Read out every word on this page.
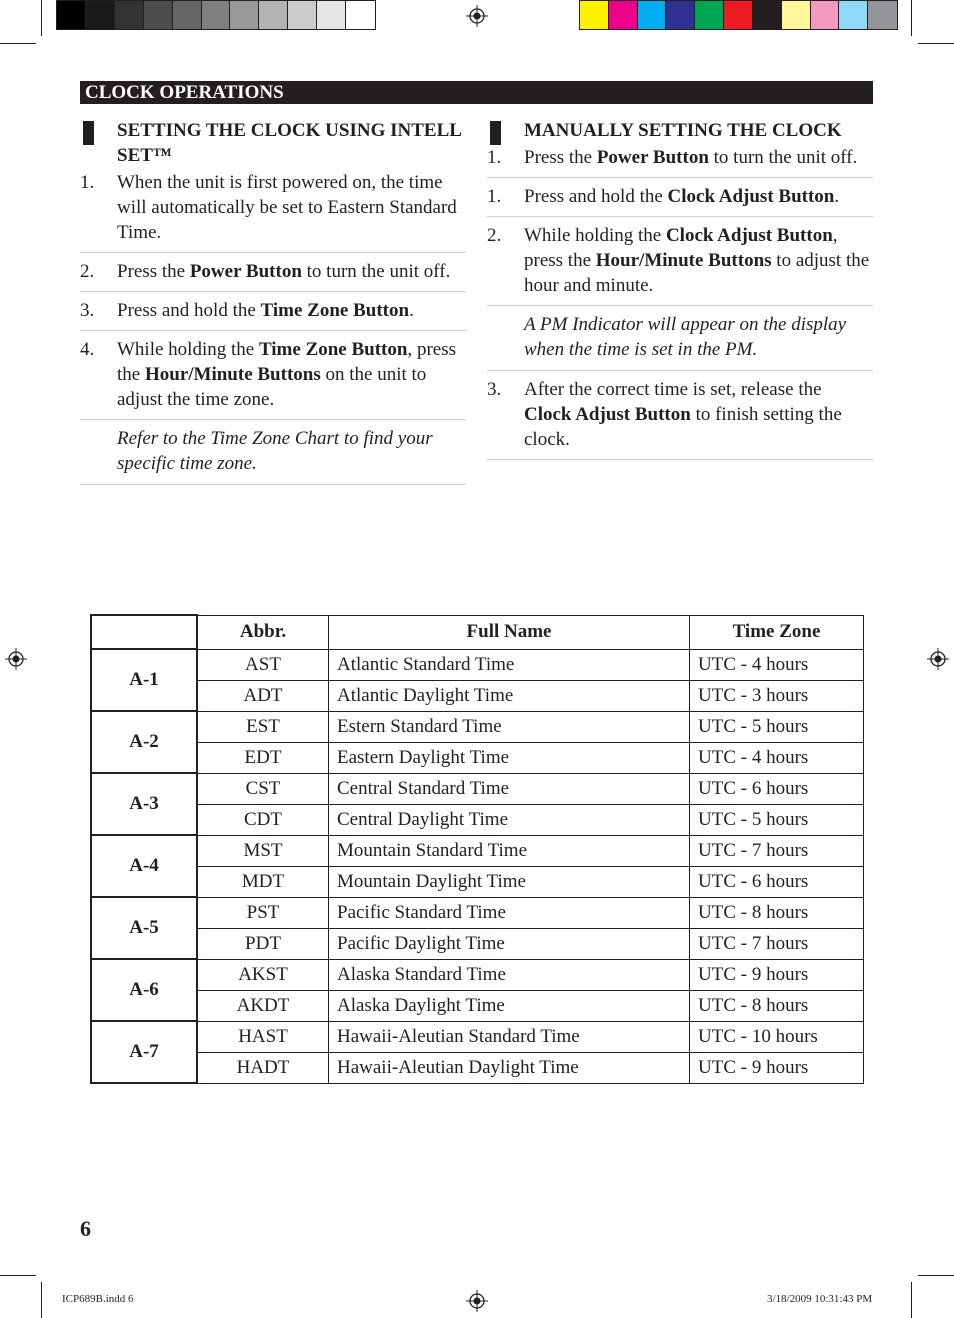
CLOCK OPERATIONS
SETTING THE CLOCK USING INTELL SET™
1. When the unit is first powered on, the time will automatically be set to Eastern Standard Time.
2. Press the Power Button to turn the unit off.
3. Press and hold the Time Zone Button.
4. While holding the Time Zone Button, press the Hour/Minute Buttons on the unit to adjust the time zone.
Refer to the Time Zone Chart to find your specific time zone.
MANUALLY SETTING THE CLOCK
1. Press the Power Button to turn the unit off.
1. Press and hold the Clock Adjust Button.
2. While holding the Clock Adjust Button, press the Hour/Minute Buttons to adjust the hour and minute.
A PM Indicator will appear on the display when the time is set in the PM.
3. After the correct time is set, release the Clock Adjust Button to finish setting the clock.
	Abbr.	Full Name	Time Zone
A-1	AST	Atlantic Standard Time	UTC - 4 hours
	ADT	Atlantic Daylight Time	UTC - 3 hours
A-2	EST	Estern Standard Time	UTC - 5 hours
	EDT	Eastern Daylight Time	UTC - 4 hours
A-3	CST	Central Standard Time	UTC - 6 hours
	CDT	Central Daylight Time	UTC - 5 hours
A-4	MST	Mountain Standard Time	UTC - 7 hours
	MDT	Mountain Daylight Time	UTC - 6 hours
A-5	PST	Pacific Standard Time	UTC - 8 hours
	PDT	Pacific Daylight Time	UTC - 7 hours
A-6	AKST	Alaska Standard Time	UTC - 9 hours
	AKDT	Alaska Daylight Time	UTC - 8 hours
A-7	HAST	Hawaii-Aleutian Standard Time	UTC - 10 hours
	HADT	Hawaii-Aleutian Daylight Time	UTC - 9 hours
6
ICP689B.indd 6	3/18/2009 10:31:43 PM
